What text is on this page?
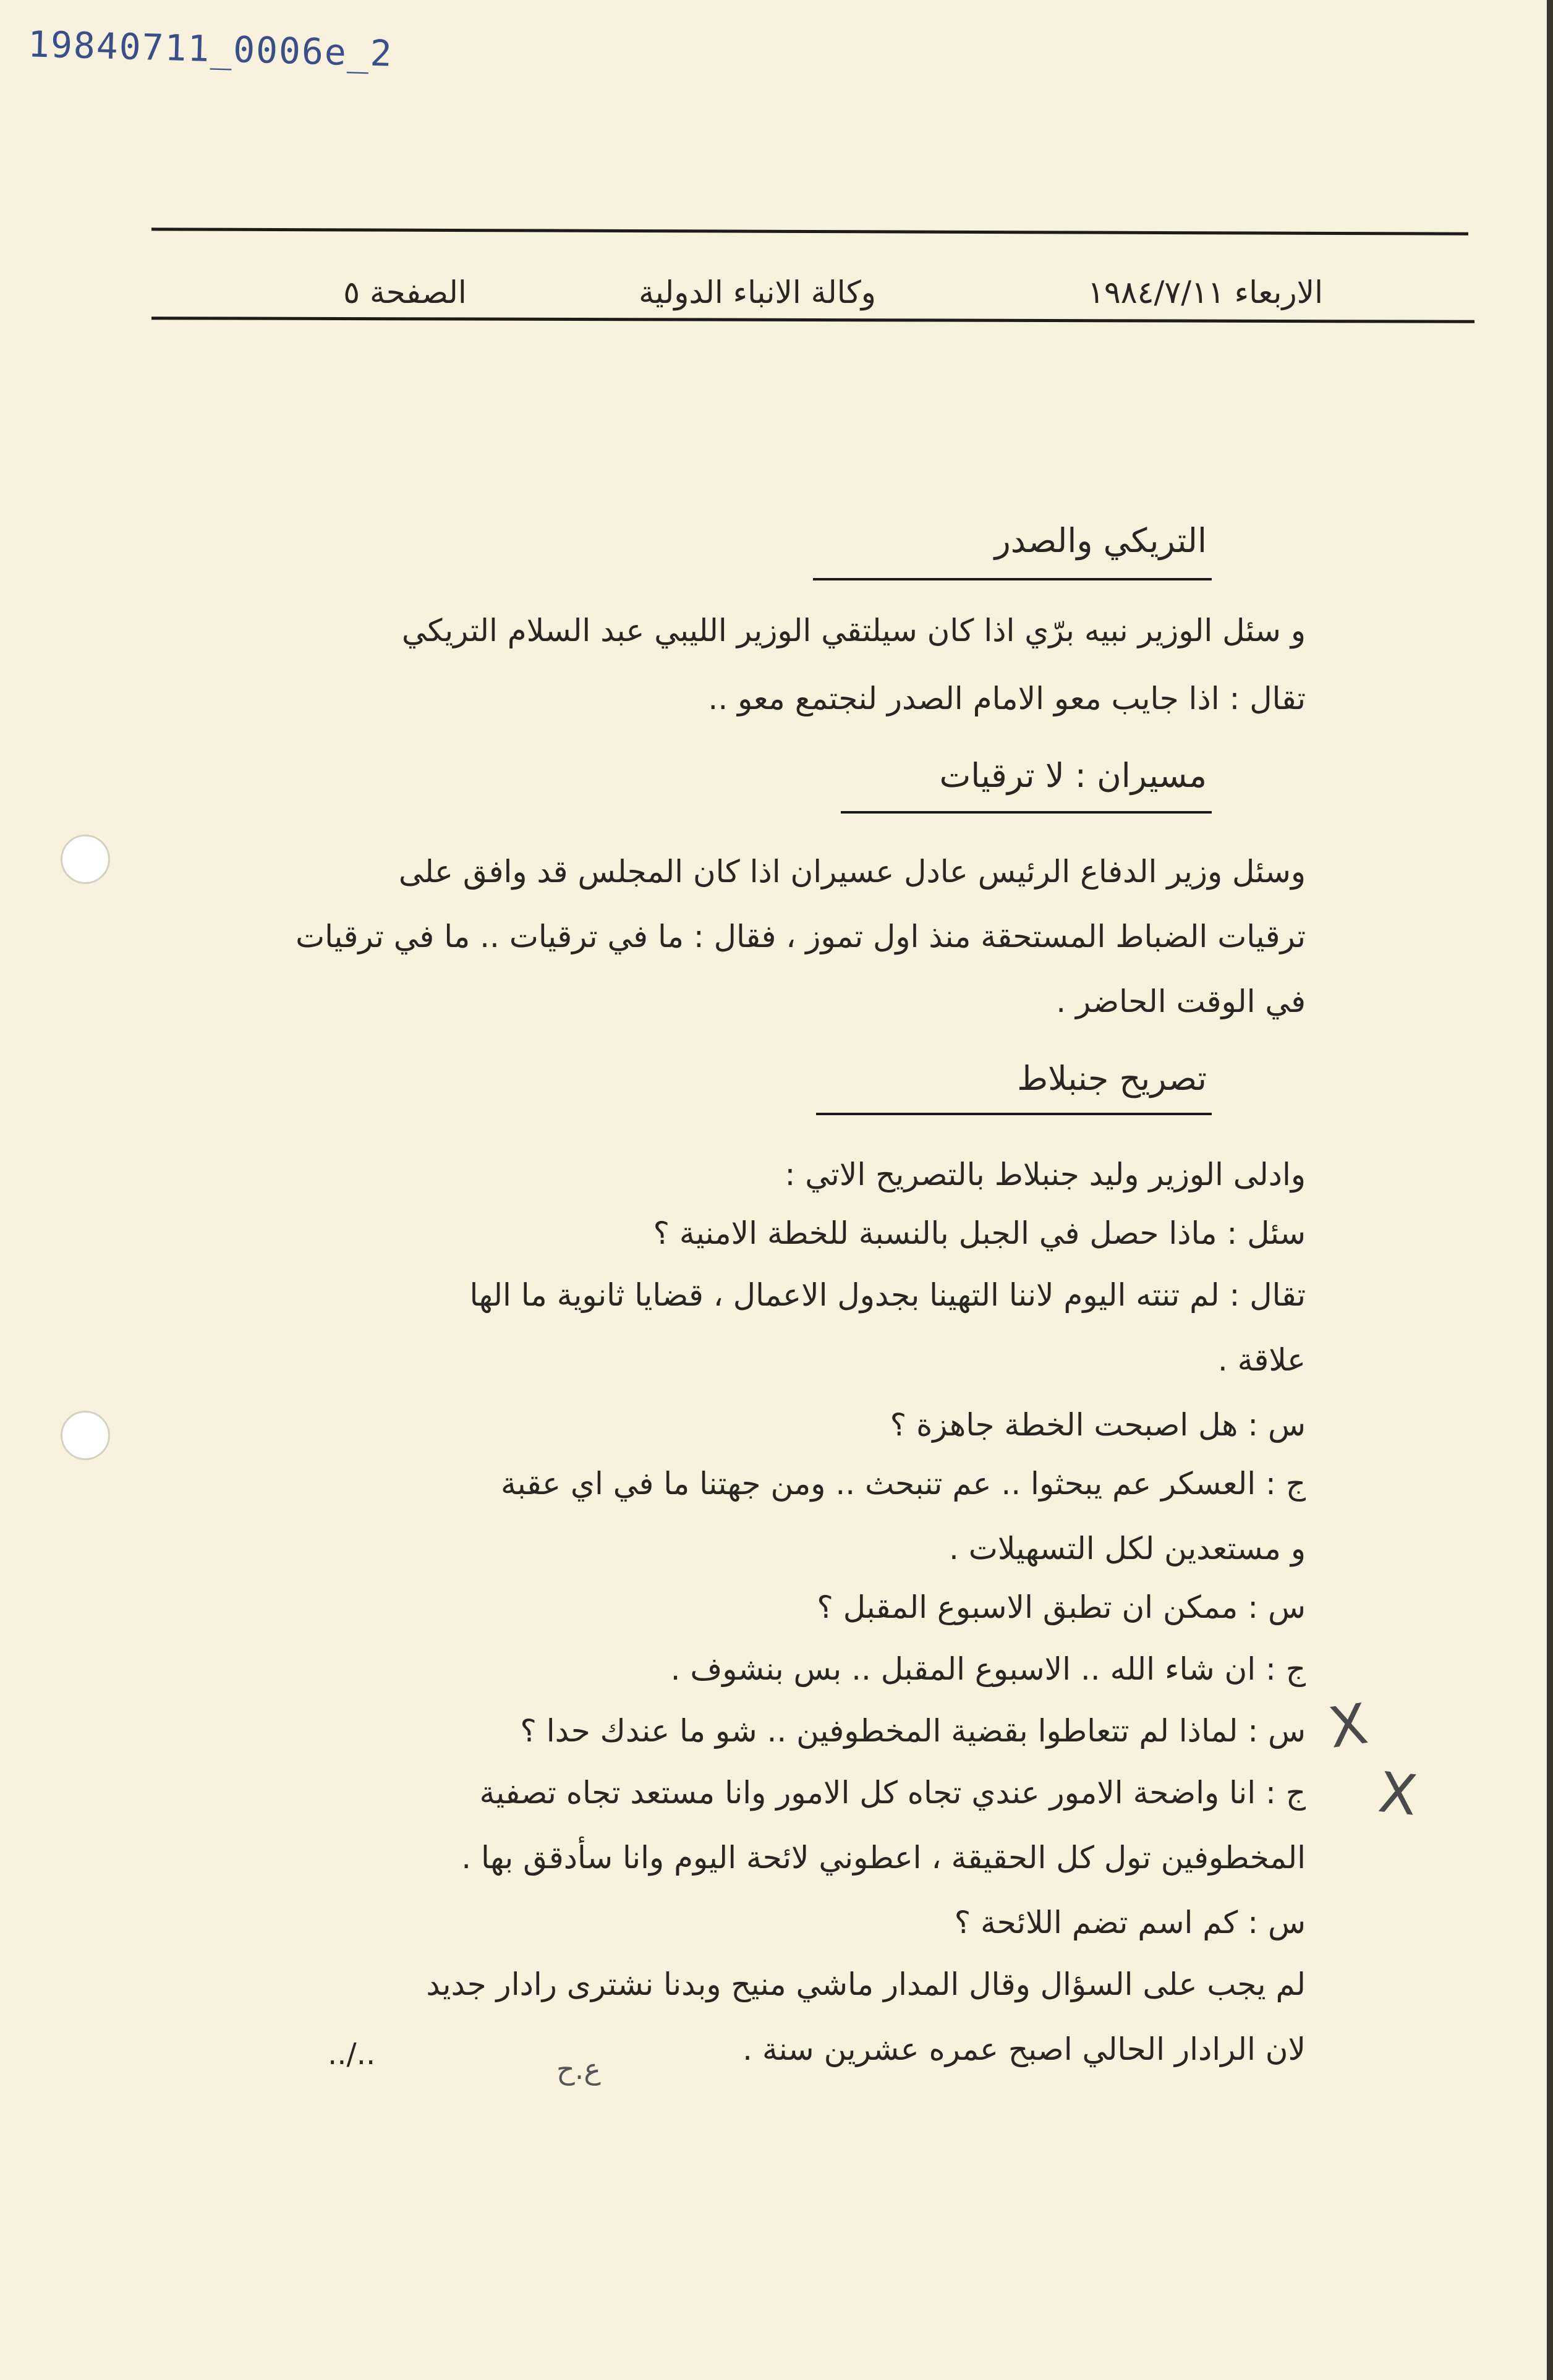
19840711_0006e_2
الاربعاء ١٩٨٤/٧/١١
وكالة الانباء الدولية
الصفحة ٥
التريكي والصدر
و سئل الوزير نبيه برّي اذا كان سيلتقي الوزير الليبي عبد السلام التريكي
تقال : اذا جايب معو الامام الصدر لنجتمع معو ..
مسيران : لا ترقيات
وسئل وزير الدفاع الرئيس عادل عسيران اذا كان المجلس قد وافق على
ترقيات الضباط المستحقة منذ اول تموز ، فقال : ما في ترقيات .. ما في ترقيات
في الوقت الحاضر .
تصريح جنبلاط
وادلى الوزير وليد جنبلاط بالتصريح الاتي :
سئل : ماذا حصل في الجبل بالنسبة للخطة الامنية ؟
تقال : لم تنته اليوم لاننا التهينا بجدول الاعمال ، قضايا ثانوية ما الها
علاقة .
س : هل اصبحت الخطة جاهزة ؟
ج : العسكر عم يبحثوا .. عم تنبحث .. ومن جهتنا ما في اي عقبة
و مستعدين لكل التسهيلات .
س : ممكن ان تطبق الاسبوع المقبل ؟
ج : ان شاء الله .. الاسبوع المقبل .. بس بنشوف .
س : لماذا لم تتعاطوا بقضية المخطوفين .. شو ما عندك حدا ؟
ج : انا واضحة الامور عندي تجاه كل الامور وانا مستعد تجاه تصفية
المخطوفين تول كل الحقيقة ، اعطوني لائحة اليوم وانا سأدقق بها .
س : كم اسم تضم اللائحة ؟
لم يجب على السؤال وقال المدار ماشي منيح وبدنا نشترى رادار جديد
لان الرادار الحالي اصبح عمره عشرين سنة .
../..	ع.ح
X
X
